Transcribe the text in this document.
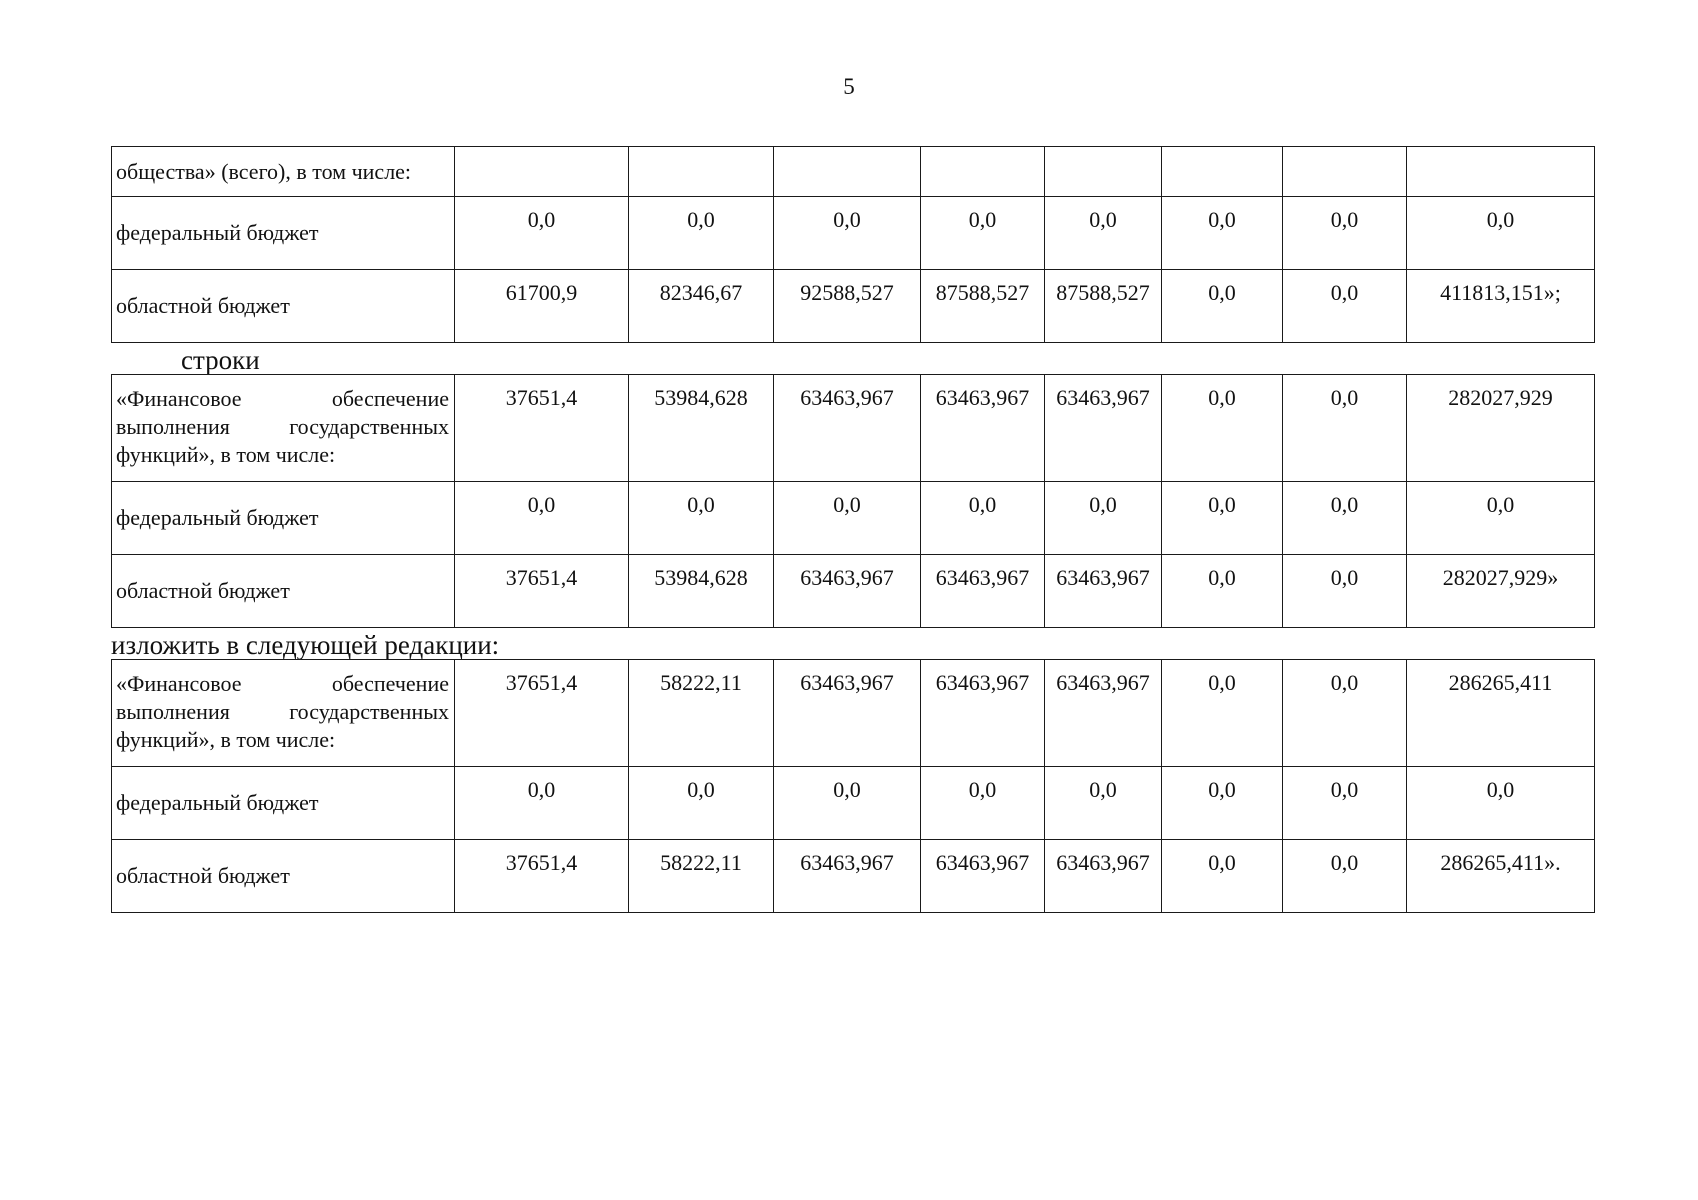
5
общества» (всего), в том числе:								
федеральный бюджет	0,0	0,0	0,0	0,0	0,0	0,0	0,0	0,0
областной бюджет	61700,9	82346,67	92588,527	87588,527	87588,527	0,0	0,0	411813,151»;
строки
«Финансовое обеспечение выполнения государственных функций», в том числе:	37651,4	53984,628	63463,967	63463,967	63463,967	0,0	0,0	282027,929
федеральный бюджет	0,0	0,0	0,0	0,0	0,0	0,0	0,0	0,0
областной бюджет	37651,4	53984,628	63463,967	63463,967	63463,967	0,0	0,0	282027,929»
изложить в следующей редакции:
«Финансовое обеспечение выполнения государственных функций», в том числе:	37651,4	58222,11	63463,967	63463,967	63463,967	0,0	0,0	286265,411
федеральный бюджет	0,0	0,0	0,0	0,0	0,0	0,0	0,0	0,0
областной бюджет	37651,4	58222,11	63463,967	63463,967	63463,967	0,0	0,0	286265,411».
